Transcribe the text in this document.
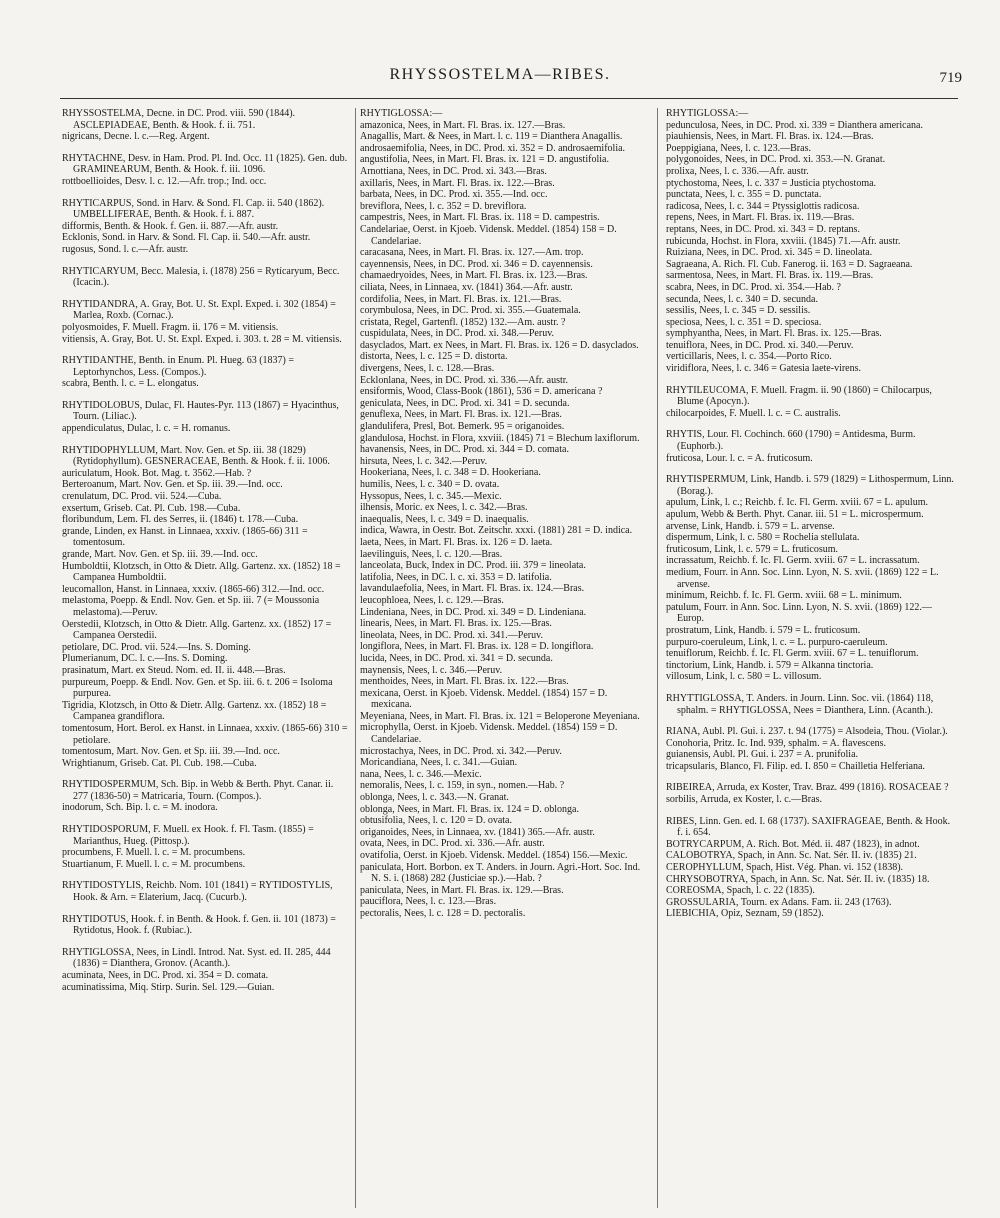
RHYSSOSTELMA—RIBES.	719

RHYSSOSTELMA, Decne. in DC. Prod. viii. 590 (1844). ASCLEPIADEAE, Benth. & Hook. f. ii. 751.

nigricans, Decne. l. c.—Reg. Argent.

RHYTACHNE, Desv. in Ham. Prod. Pl. Ind. Occ. 11 (1825). Gen. dub. GRAMINEARUM, Benth. & Hook. f. iii. 1096.

rottboellioides, Desv. l. c. 12.—Afr. trop.; Ind. occ.

RHYTICARPUS, Sond. in Harv. & Sond. Fl. Cap. ii. 540 (1862). UMBELLIFERAE, Benth. & Hook. f. i. 887.

difformis, Benth. & Hook. f. Gen. ii. 887.—Afr. austr.

Ecklonis, Sond. in Harv. & Sond. Fl. Cap. ii. 540.—Afr. austr.

rugosus, Sond. l. c.—Afr. austr.

RHYTICARYUM, Becc. Malesia, i. (1878) 256 = Rytícaryum, Becc. (Icacin.).

RHYTIDANDRA, A. Gray, Bot. U. St. Expl. Exped. i. 302 (1854) = Marlea, Roxb. (Cornac.).

polyosmoides, F. Muell. Fragm. ii. 176 = M. vitiensis.

vitiensis, A. Gray, Bot. U. St. Expl. Exped. i. 303. t. 28 = M. vitiensis.

RHYTIDANTHE, Benth. in Enum. Pl. Hueg. 63 (1837) = Leptorhynchos, Less. (Compos.).

scabra, Benth. l. c. = L. elongatus.

RHYTIDOLOBUS, Dulac, Fl. Hautes-Pyr. 113 (1867) = Hyacinthus, Tourn. (Liliac.).

appendiculatus, Dulac, l. c. = H. romanus.

RHYTIDOPHYLLUM, Mart. Nov. Gen. et Sp. iii. 38 (1829) (Rytidophyllum). GESNERACEAE, Benth. & Hook. f. ii. 1006.

auriculatum, Hook. Bot. Mag. t. 3562.—Hab. ?

Berteroanum, Mart. Nov. Gen. et Sp. iii. 39.—Ind. occ.

crenulatum, DC. Prod. vii. 524.—Cuba.

exsertum, Griseb. Cat. Pl. Cub. 198.—Cuba.

floribundum, Lem. Fl. des Serres, ii. (1846) t. 178.—Cuba.

grande, Linden, ex Hanst. in Linnaea, xxxiv. (1865-66) 311 = tomentosum.

grande, Mart. Nov. Gen. et Sp. iii. 39.—Ind. occ.

Humboldtii, Klotzsch, in Otto & Dietr. Allg. Gartenz. xx. (1852) 18 = Campanea Humboldtii.

leucomallon, Hanst. in Linnaea, xxxiv. (1865-66) 312.—Ind. occ.

melastoma, Poepp. & Endl. Nov. Gen. et Sp. iii. 7 (= Moussonia melastoma).—Peruv.

Oerstedii, Klotzsch, in Otto & Dietr. Allg. Gartenz. xx. (1852) 17 = Campanea Oerstedii.

petiolare, DC. Prod. vii. 524.—Ins. S. Doming.

Plumerianum, DC. l. c.—Ins. S. Doming.

prasinatum, Mart. ex Steud. Nom. ed. II. ii. 448.—Bras.

purpureum, Poepp. & Endl. Nov. Gen. et Sp. iii. 6. t. 206 = Isoloma purpurea.

Tigridia, Klotzsch, in Otto & Dietr. Allg. Gartenz. xx. (1852) 18 = Campanea grandiflora.

tomentosum, Hort. Berol. ex Hanst. in Linnaea, xxxiv. (1865-66) 310 = petiolare.

tomentosum, Mart. Nov. Gen. et Sp. iii. 39.—Ind. occ.

Wrightianum, Griseb. Cat. Pl. Cub. 198.—Cuba.

RHYTIDOSPERMUM, Sch. Bip. in Webb & Berth. Phyt. Canar. ii. 277 (1836-50) = Matricaria, Tourn. (Compos.).

inodorum, Sch. Bip. l. c. = M. inodora.

RHYTIDOSPORUM, F. Muell. ex Hook. f. Fl. Tasm. (1855) = Marianthus, Hueg. (Pittosp.).

procumbens, F. Muell. l. c. = M. procumbens.

Stuartianum, F. Muell. l. c. = M. procumbens.

RHYTIDOSTYLIS, Reichb. Nom. 101 (1841) = RYTIDOSTYLIS, Hook. & Arn. = Elaterium, Jacq. (Cucurb.).

RHYTIDOTUS, Hook. f. in Benth. & Hook. f. Gen. ii. 101 (1873) = Rytidotus, Hook. f. (Rubiac.).

RHYTIGLOSSA, Nees, in Lindl. Introd. Nat. Syst. ed. II. 285, 444 (1836) = Dianthera, Gronov. (Acanth.).

acuminata, Nees, in DC. Prod. xi. 354 = D. comata.

acuminatissima, Miq. Stirp. Surin. Sel. 129.—Guian.

RHYTIGLOSSA:—

amazonica, Nees, in Mart. Fl. Bras. ix. 127.—Bras.

Anagallis, Mart. & Nees, in Mart. l. c. 119 = Dianthera Anagallis.

androsaemifolia, Nees, in DC. Prod. xi. 352 = D. androsaemifolia.

angustifolia, Nees, in Mart. Fl. Bras. ix. 121 = D. angustifolia.

Arnottiana, Nees, in DC. Prod. xi. 343.—Bras.

axillaris, Nees, in Mart. Fl. Bras. ix. 122.—Bras.

barbata, Nees, in DC. Prod. xi. 355.—Ind. occ.

breviflora, Nees, l. c. 352 = D. breviflora.

campestris, Nees, in Mart. Fl. Bras. ix. 118 = D. campestris.

Candelariae, Oerst. in Kjoeb. Vidensk. Meddel. (1854) 158 = D. Candelariae.

caracasana, Nees, in Mart. Fl. Bras. ix. 127.—Am. trop.

cayennensis, Nees, in DC. Prod. xi. 346 = D. cayennensis.

chamaedryoides, Nees, in Mart. Fl. Bras. ix. 123.—Bras.

ciliata, Nees, in Linnaea, xv. (1841) 364.—Afr. austr.

cordifolia, Nees, in Mart. Fl. Bras. ix. 121.—Bras.

corymbulosa, Nees, in DC. Prod. xi. 355.—Guatemala.

cristata, Regel, Gartenfl. (1852) 132.—Am. austr. ?

cuspidulata, Nees, in DC. Prod. xi. 348.—Peruv.

dasyclados, Mart. ex Nees, in Mart. Fl. Bras. ix. 126 = D. dasyclados.

distorta, Nees, l. c. 125 = D. distorta.

divergens, Nees, l. c. 128.—Bras.

Ecklonlana, Nees, in DC. Prod. xi. 336.—Afr. austr.

ensiformis, Wood, Class-Book (1861), 536 = D. americana ?

geniculata, Nees, in DC. Prod. xi. 341 = D. secunda.

genuflexa, Nees, in Mart. Fl. Bras. ix. 121.—Bras.

glandulifera, Presl, Bot. Bemerk. 95 = origanoides.

glandulosa, Hochst. in Flora, xxviii. (1845) 71 = Blechum laxiflorum.

havanensis, Nees, in DC. Prod. xi. 344 = D. comata.

hirsuta, Nees, l. c. 342.—Peruv.

Hookeriana, Nees, l. c. 348 = D. Hookeriana.

humilis, Nees, l. c. 340 = D. ovata.

Hyssopus, Nees, l. c. 345.—Mexic.

ilhensis, Moric. ex Nees, l. c. 342.—Bras.

inaequalis, Nees, l. c. 349 = D. inaequalis.

indica, Wawra, in Oestr. Bot. Zeitschr. xxxi. (1881) 281 = D. indica.

laeta, Nees, in Mart. Fl. Bras. ix. 126 = D. laeta.

laevilinguis, Nees, l. c. 120.—Bras.

lanceolata, Buck, Index in DC. Prod. iii. 379 = lineolata.

latifolia, Nees, in DC. l. c. xi. 353 = D. latifolia.

lavandulaefolia, Nees, in Mart. Fl. Bras. ix. 124.—Bras.

leucophloea, Nees, l. c. 129.—Bras.

Lindeniana, Nees, in DC. Prod. xi. 349 = D. Lindeniana.

linearis, Nees, in Mart. Fl. Bras. ix. 125.—Bras.

lineolata, Nees, in DC. Prod. xi. 341.—Peruv.

longiflora, Nees, in Mart. Fl. Bras. ix. 128 = D. longiflora.

lucida, Nees, in DC. Prod. xi. 341 = D. secunda.

maynensis, Nees, l. c. 346.—Peruv.

menthoides, Nees, in Mart. Fl. Bras. ix. 122.—Bras.

mexicana, Oerst. in Kjoeb. Vidensk. Meddel. (1854) 157 = D. mexicana.

Meyeniana, Nees, in Mart. Fl. Bras. ix. 121 = Beloperone Meyeniana.

microphylla, Oerst. in Kjoeb. Vidensk. Meddel. (1854) 159 = D. Candelariae.

microstachya, Nees, in DC. Prod. xi. 342.—Peruv.

Moricandiana, Nees, l. c. 341.—Guian.

nana, Nees, l. c. 346.—Mexic.

nemoralis, Nees, l. c. 159, in syn., nomen.—Hab. ?

oblonga, Nees, l. c. 343.—N. Granat.

oblonga, Nees, in Mart. Fl. Bras. ix. 124 = D. oblonga.

obtusifolia, Nees, l. c. 120 = D. ovata.

origanoides, Nees, in Linnaea, xv. (1841) 365.—Afr. austr.

ovata, Nees, in DC. Prod. xi. 336.—Afr. austr.

ovatifolia, Oerst. in Kjoeb. Vidensk. Meddel. (1854) 156.—Mexic.

paniculata, Hort. Borbon. ex T. Anders. in Journ. Agri.-Hort. Soc. Ind. N. S. i. (1868) 282 (Justiciae sp.).—Hab. ?

paniculata, Nees, in Mart. Fl. Bras. ix. 129.—Bras.

pauciflora, Nees, l. c. 123.—Bras.

pectoralis, Nees, l. c. 128 = D. pectoralis.

RHYTIGLOSSA:—

pedunculosa, Nees, in DC. Prod. xi. 339 = Dianthera americana.

piauhiensis, Nees, in Mart. Fl. Bras. ix. 124.—Bras.

Poeppigiana, Nees, l. c. 123.—Bras.

polygonoides, Nees, in DC. Prod. xi. 353.—N. Granat.

prolixa, Nees, l. c. 336.—Afr. austr.

ptychostoma, Nees, l. c. 337 = Justicia ptychostoma.

punctata, Nees, l. c. 355 = D. punctata.

radicosa, Nees, l. c. 344 = Ptyssiglottis radicosa.

repens, Nees, in Mart. Fl. Bras. ix. 119.—Bras.

reptans, Nees, in DC. Prod. xi. 343 = D. reptans.

rubicunda, Hochst. in Flora, xxviii. (1845) 71.—Afr. austr.

Ruiziana, Nees, in DC. Prod. xi. 345 = D. lineolata.

Sagraeana, A. Rich. Fl. Cub. Fanerog. ii. 163 = D. Sagraeana.

sarmentosa, Nees, in Mart. Fl. Bras. ix. 119.—Bras.

scabra, Nees, in DC. Prod. xi. 354.—Hab. ?

secunda, Nees, l. c. 340 = D. secunda.

sessilis, Nees, l. c. 345 = D. sessilis.

speciosa, Nees, l. c. 351 = D. speciosa.

symphyantha, Nees, in Mart. Fl. Bras. ix. 125.—Bras.

tenuiflora, Nees, in DC. Prod. xi. 340.—Peruv.

verticillaris, Nees, l. c. 354.—Porto Rico.

viridiflora, Nees, l. c. 346 = Gatesia laete-virens.

RHYTILEUCOMA, F. Muell. Fragm. ii. 90 (1860) = Chilocarpus, Blume (Apocyn.).

chilocarpoides, F. Muell. l. c. = C. australis.

RHYTIS, Lour. Fl. Cochinch. 660 (1790) = Antidesma, Burm. (Euphorb.).

fruticosa, Lour. l. c. = A. fruticosum.

RHYTISPERMUM, Link, Handb. i. 579 (1829) = Lithospermum, Linn. (Borag.).

apulum, Link, l. c.; Reichb. f. Ic. Fl. Germ. xviii. 67 = L. apulum.

apulum, Webb & Berth. Phyt. Canar. iii. 51 = L. microspermum.

arvense, Link, Handb. i. 579 = L. arvense.

dispermum, Link, l. c. 580 = Rochelia stellulata.

fruticosum, Link, l. c. 579 = L. fruticosum.

incrassatum, Reichb. f. Ic. Fl. Germ. xviii. 67 = L. incrassatum.

medium, Fourr. in Ann. Soc. Linn. Lyon, N. S. xvii. (1869) 122 = L. arvense.

minimum, Reichb. f. Ic. Fl. Germ. xviii. 68 = L. minimum.

patulum, Fourr. in Ann. Soc. Linn. Lyon, N. S. xvii. (1869) 122.—Europ.

prostratum, Link, Handb. i. 579 = L. fruticosum.

purpuro-coeruleum, Link, l. c. = L. purpuro-caeruleum.

tenuiflorum, Reichb. f. Ic. Fl. Germ. xviii. 67 = L. tenuiflorum.

tinctorium, Link, Handb. i. 579 = Alkanna tinctoria.

villosum, Link, l. c. 580 = L. villosum.

RHYTTIGLOSSA, T. Anders. in Journ. Linn. Soc. vii. (1864) 118, sphalm. = RHYTIGLOSSA, Nees = Dianthera, Linn. (Acanth.).

RIANA, Aubl. Pl. Gui. i. 237. t. 94 (1775) = Alsodeia, Thou. (Violar.).

Conohoria, Pritz. Ic. Ind. 939, sphalm. = A. flavescens.

guianensis, Aubl. Pl. Gui. i. 237 = A. prunifolia.

tricapsularis, Blanco, Fl. Filip. ed. I. 850 = Chailletia Helferiana.

RIBEIREA, Arruda, ex Koster, Trav. Braz. 499 (1816). ROSACEAE ?

sorbilis, Arruda, ex Koster, l. c.—Bras.

RIBES, Linn. Gen. ed. I. 68 (1737). SAXIFRAGEAE, Benth. & Hook. f. i. 654.

BOTRYCARPUM, A. Rich. Bot. Méd. ii. 487 (1823), in adnot.

CALOBOTRYA, Spach, in Ann. Sc. Nat. Sér. II. iv. (1835) 21.

CEROPHYLLUM, Spach, Hist. Vég. Phan. vi. 152 (1838).

CHRYSOBOTRYA, Spach, in Ann. Sc. Nat. Sér. II. iv. (1835) 18.

COREOSMA, Spach, l. c. 22 (1835).

GROSSULARIA, Tourn. ex Adans. Fam. ii. 243 (1763).

LIEBICHIA, Opiz, Seznam, 59 (1852).
